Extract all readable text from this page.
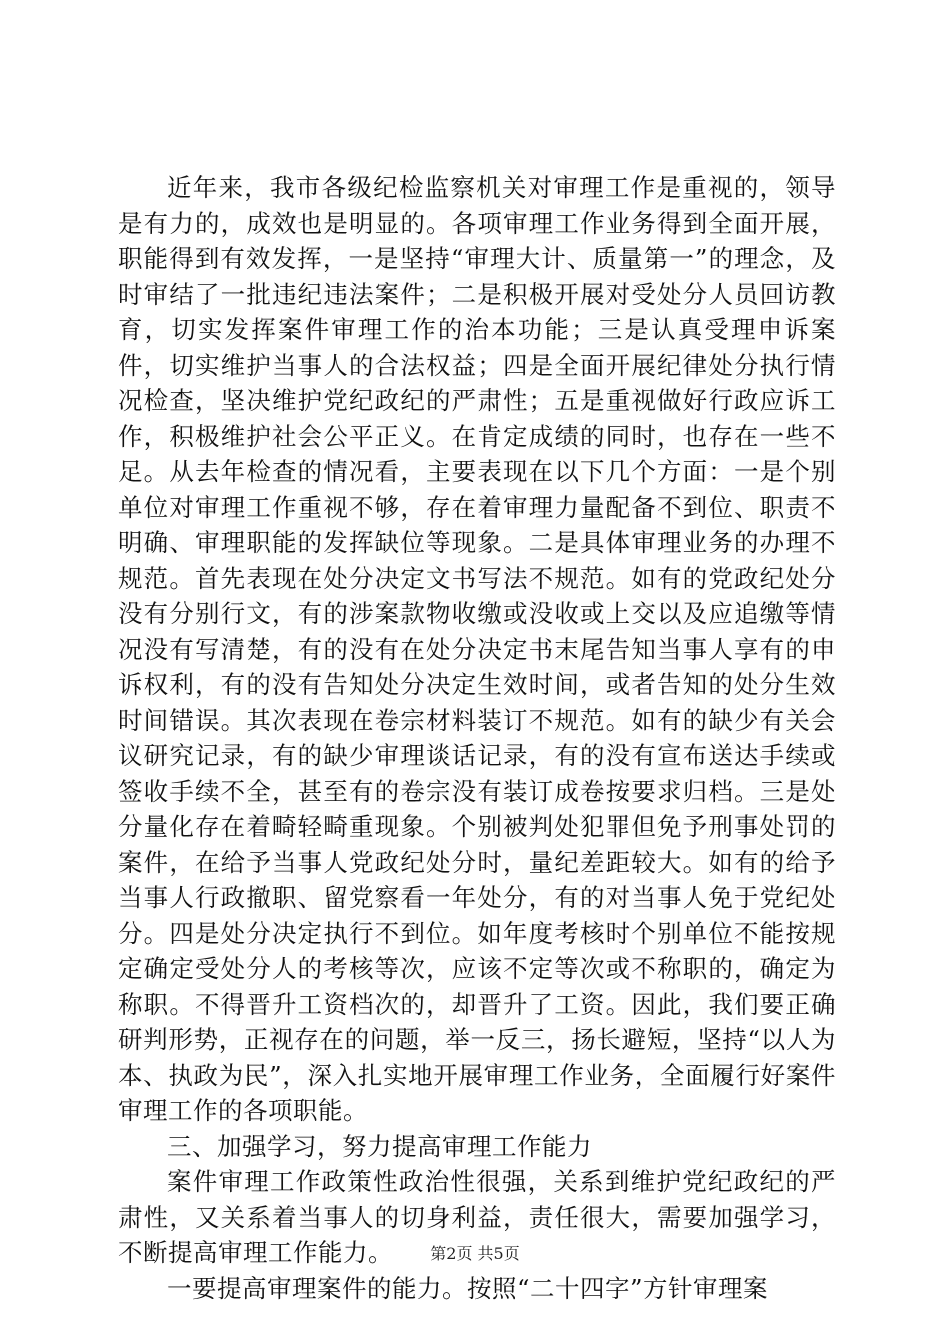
近年来，我市各级纪检监察机关对审理工作是重视的，领导是有力的，成效也是明显的。各项审理工作业务得到全面开展，职能得到有效发挥，一是坚持“审理大计、质量第一”的理念，及时审结了一批违纪违法案件；二是积极开展对受处分人员回访教育，切实发挥案件审理工作的治本功能；三是认真受理申诉案件，切实维护当事人的合法权益；四是全面开展纪律处分执行情况检查，坚决维护党纪政纪的严肃性；五是重视做好行政应诉工作，积极维护社会公平正义。在肯定成绩的同时，也存在一些不足。从去年检查的情况看，主要表现在以下几个方面：一是个别单位对审理工作重视不够，存在着审理力量配备不到位、职责不明确、审理职能的发挥缺位等现象。二是具体审理业务的办理不规范。首先表现在处分决定文书写法不规范。如有的党政纪处分没有分别行文，有的涉案款物收缴或没收或上交以及应追缴等情况没有写清楚，有的没有在处分决定书末尾告知当事人享有的申诉权利，有的没有告知处分决定生效时间，或者告知的处分生效时间错误。其次表现在卷宗材料装订不规范。如有的缺少有关会议研究记录，有的缺少审理谈话记录，有的没有宣布送达手续或签收手续不全，甚至有的卷宗没有装订成卷按要求归档。三是处分量化存在着畸轻畸重现象。个别被判处犯罪但免予刑事处罚的案件，在给予当事人党政纪处分时，量纪差距较大。如有的给予当事人行政撤职、留党察看一年处分，有的对当事人免于党纪处分。四是处分决定执行不到位。如年度考核时个别单位不能按规定确定受处分人的考核等次，应该不定等次或不称职的，确定为称职。不得晋升工资档次的，却晋升了工资。因此，我们要正确研判形势，正视存在的问题，举一反三，扬长避短，坚持“以人为本、执政为民”，深入扎实地开展审理工作业务，全面履行好案件审理工作的各项职能。

三、加强学习，努力提高审理工作能力

案件审理工作政策性政治性很强，关系到维护党纪政纪的严肃性，又关系着当事人的切身利益，责任很大，需要加强学习，不断提高审理工作能力。

一要提高审理案件的能力。按照“二十四字”方针审理案

第2页 共5页
